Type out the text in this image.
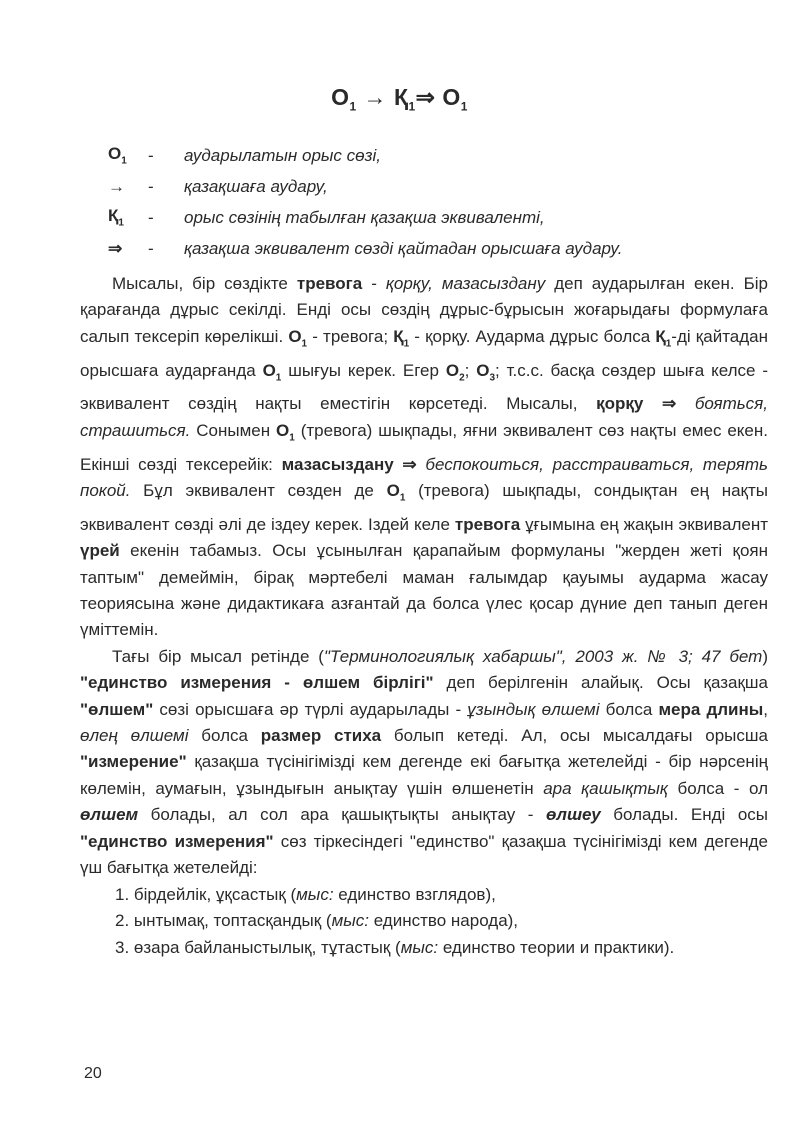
$O_1$ → $Қ_1\Rightarrow$ $O_1$
$O_1$	-	аударылатын орыс сөзі,
→	-	қазақшаға аудару,
$Қ_1$	-	орыс сөзінің табылған қазақша эквиваленті,
⇒	-	қазақша эквивалент сөзді қайтадан орысшаға аудару.

Мысалы, бір сөздікте тревога - қорқу, мазасыздану деп аударылған екен. Бір қарағанда дұрыс секілді. Енді осы сөздің дұрыс-бұрысын жоғарыдағы формулаға салып тексеріп көрелікші. $O_1$ - тревога; $Қ_1$ - қорқу. Аударма дұрыс болса $Қ_1-ді$ қайтадан орысшаға аударғанда $O_1$ шығуы керек. Егер $O_2$; $O_3$; т.с.с. басқа сөздер шыға келсе - эквивалент сөздің нақты еместігін көрсетеді. Мысалы, қорқу ⇒ бояться, страшиться. Сонымен $O_1$ (тревога) шықпады, яғни эквивалент сөз нақты емес екен. Екінші сөзді тексерейік: мазасыздану ⇒ беспокоиться, расстраиваться, терять покой. Бұл эквивалент сөзден де $O_1$ (тревога) шықпады, сондықтан ең нақты эквивалент сөзді әлі де іздеу керек. Іздей келе тревога ұғымына ең жақын эквивалент үрей екенін табамыз. Осы ұсынылған қарапайым формуланы "жерден жеті қоян таптым" демеймін, бірақ мәртебелі маман ғалымдар қауымы аударма жасау теориясына және дидактикаға азғантай да болса үлес қосар дүние деп танып деген үміттемін.

Тағы бір мысал ретінде ("Терминологиялық хабаршы", 2003 ж. № 3; 47 бет) "единство измерения - өлшем бірлігі" деп берілгенін алайық. Осы қазақша "өлшем" сөзі орысшаға әр түрлі аударылады - ұзындық өлшемі болса мера длины, өлең өлшемі болса размер стиха болып кетеді. Ал, осы мысалдағы орысша "измерение" қазақша түсінігімізді кем дегенде екі бағытқа жетелейді - бір нәрсенің көлемін, аумағын, ұзындығын анықтау үшін өлшенетін ара қашықтық болса - ол өлшем болады, ал сол ара қашықтықты анықтау - өлшеу болады. Енді осы "единство измерения" сөз тіркесіндегі "единство" қазақша түсінігімізді кем дегенде үш бағытқа жетелейді:

1. бірдейлік, ұқсастық (мыс: единство взглядов),
2. ынтымақ, топтасқандық (мыс: единство народа),
3. өзара байланыстылық, тұтастық (мыс: единство теории и практики).
20
